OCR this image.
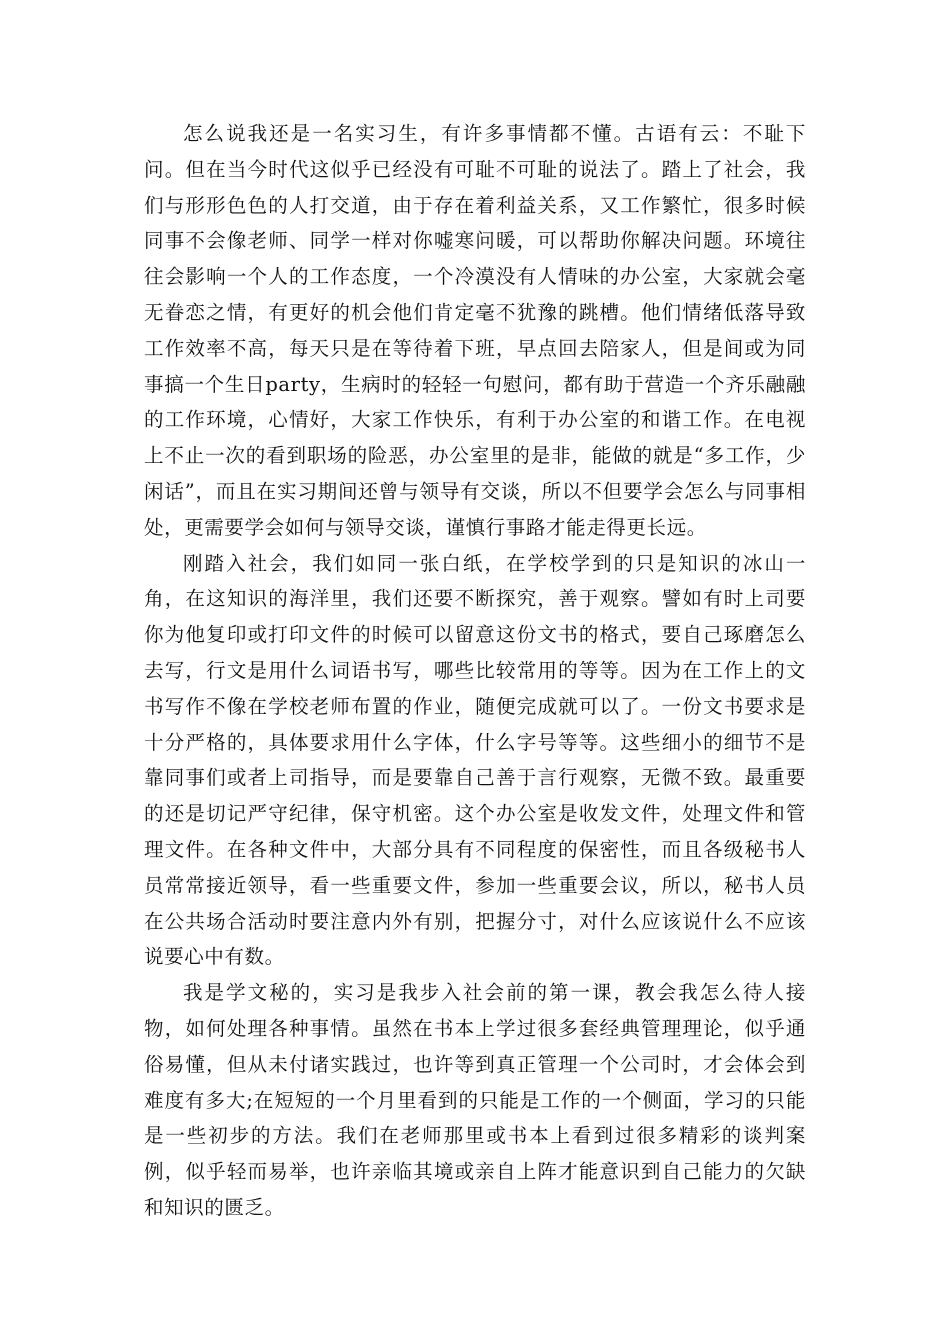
怎么说我还是一名实习生，有许多事情都不懂。古语有云：不耻下问。但在当今时代这似乎已经没有可耻不可耻的说法了。踏上了社会，我们与形形色色的人打交道，由于存在着利益关系，又工作繁忙，很多时候同事不会像老师、同学一样对你嘘寒问暖，可以帮助你解决问题。环境往往会影响一个人的工作态度，一个冷漠没有人情味的办公室，大家就会毫无眷恋之情，有更好的机会他们肯定毫不犹豫的跳槽。他们情绪低落导致工作效率不高，每天只是在等待着下班，早点回去陪家人，但是间或为同事搞一个生日party，生病时的轻轻一句慰问，都有助于营造一个齐乐融融的工作环境，心情好，大家工作快乐，有利于办公室的和谐工作。在电视上不止一次的看到职场的险恶，办公室里的是非，能做的就是“多工作，少闲话”，而且在实习期间还曾与领导有交谈，所以不但要学会怎么与同事相处，更需要学会如何与领导交谈，谨慎行事路才能走得更长远。

刚踏入社会，我们如同一张白纸，在学校学到的只是知识的冰山一角，在这知识的海洋里，我们还要不断探究，善于观察。譬如有时上司要你为他复印或打印文件的时候可以留意这份文书的格式，要自己琢磨怎么去写，行文是用什么词语书写，哪些比较常用的等等。因为在工作上的文书写作不像在学校老师布置的作业，随便完成就可以了。一份文书要求是十分严格的，具体要求用什么字体，什么字号等等。这些细小的细节不是靠同事们或者上司指导，而是要靠自己善于言行观察，无微不致。最重要的还是切记严守纪律，保守机密。这个办公室是收发文件，处理文件和管理文件。在各种文件中，大部分具有不同程度的保密性，而且各级秘书人员常常接近领导，看一些重要文件，参加一些重要会议，所以，秘书人员在公共场合活动时要注意内外有别，把握分寸，对什么应该说什么不应该说要心中有数。

我是学文秘的，实习是我步入社会前的第一课，教会我怎么待人接物，如何处理各种事情。虽然在书本上学过很多套经典管理理论，似乎通俗易懂，但从未付诸实践过，也许等到真正管理一个公司时，才会体会到难度有多大;在短短的一个月里看到的只能是工作的一个侧面，学习的只能是一些初步的方法。我们在老师那里或书本上看到过很多精彩的谈判案例，似乎轻而易举，也许亲临其境或亲自上阵才能意识到自己能力的欠缺和知识的匮乏。
